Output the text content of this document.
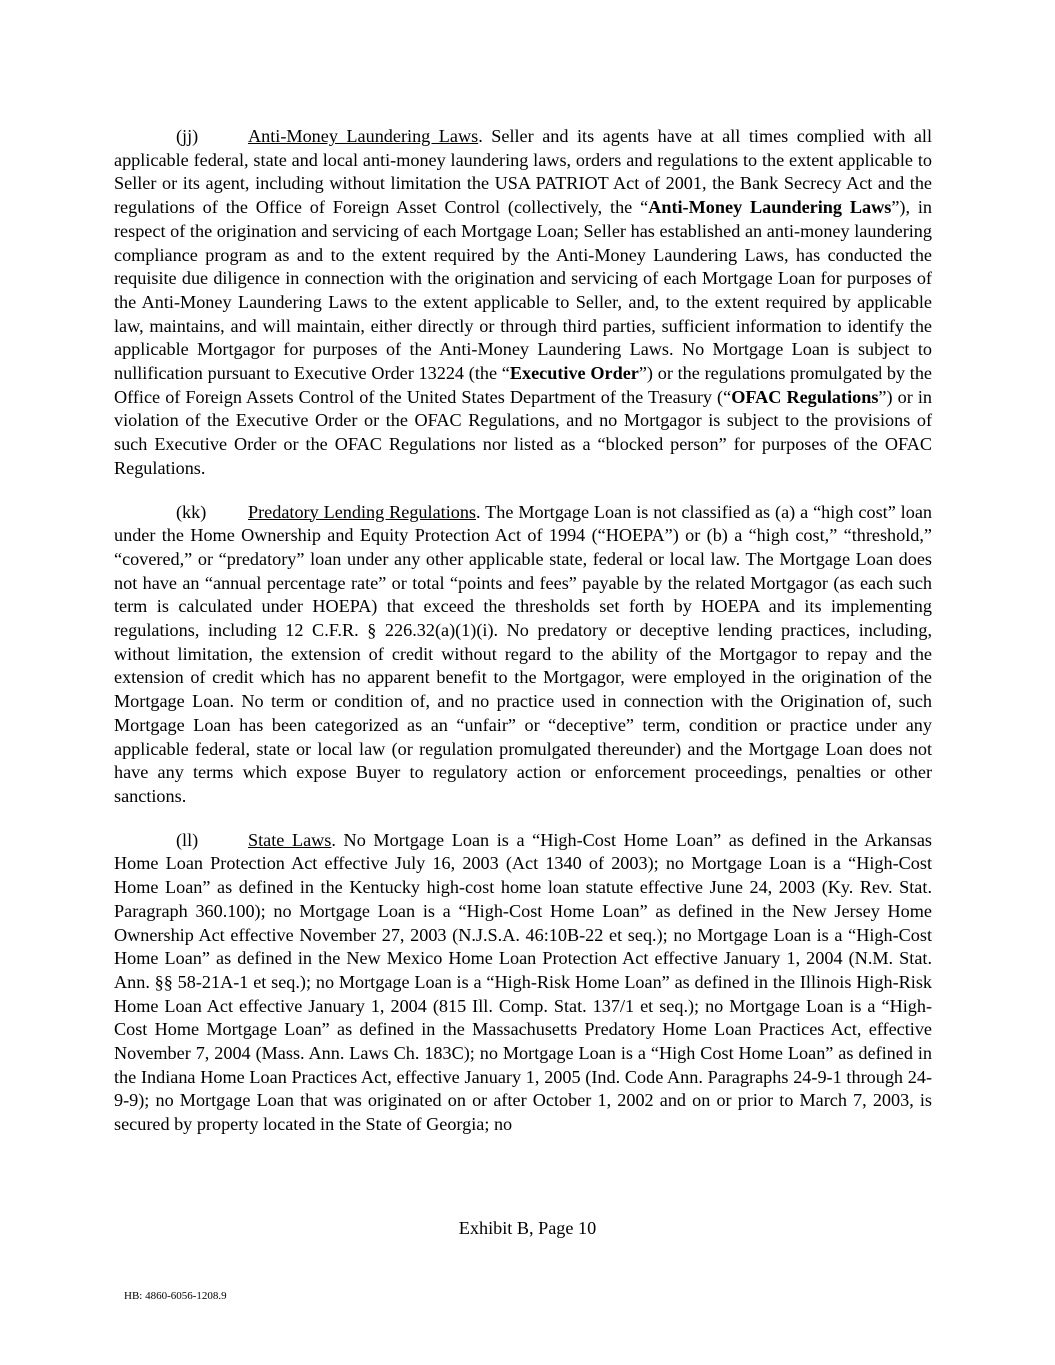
(jj)	Anti-Money Laundering Laws. Seller and its agents have at all times complied with all applicable federal, state and local anti-money laundering laws, orders and regulations to the extent applicable to Seller or its agent, including without limitation the USA PATRIOT Act of 2001, the Bank Secrecy Act and the regulations of the Office of Foreign Asset Control (collectively, the “Anti-Money Laundering Laws”), in respect of the origination and servicing of each Mortgage Loan; Seller has established an anti-money laundering compliance program as and to the extent required by the Anti-Money Laundering Laws, has conducted the requisite due diligence in connection with the origination and servicing of each Mortgage Loan for purposes of the Anti-Money Laundering Laws to the extent applicable to Seller, and, to the extent required by applicable law, maintains, and will maintain, either directly or through third parties, sufficient information to identify the applicable Mortgagor for purposes of the Anti-Money Laundering Laws. No Mortgage Loan is subject to nullification pursuant to Executive Order 13224 (the “Executive Order”) or the regulations promulgated by the Office of Foreign Assets Control of the United States Department of the Treasury (“OFAC Regulations”) or in violation of the Executive Order or the OFAC Regulations, and no Mortgagor is subject to the provisions of such Executive Order or the OFAC Regulations nor listed as a “blocked person” for purposes of the OFAC Regulations.

(kk) Predatory Lending Regulations. The Mortgage Loan is not classified as (a) a “high cost” loan under the Home Ownership and Equity Protection Act of 1994 (“HOEPA”) or (b) a “high cost,” “threshold,” “covered,” or “predatory” loan under any other applicable state, federal or local law. The Mortgage Loan does not have an “annual percentage rate” or total “points and fees” payable by the related Mortgagor (as each such term is calculated under HOEPA) that exceed the thresholds set forth by HOEPA and its implementing regulations, including 12 C.F.R. § 226.32(a)(1)(i). No predatory or deceptive lending practices, including, without limitation, the extension of credit without regard to the ability of the Mortgagor to repay and the extension of credit which has no apparent benefit to the Mortgagor, were employed in the origination of the Mortgage Loan. No term or condition of, and no practice used in connection with the Origination of, such Mortgage Loan has been categorized as an “unfair” or “deceptive” term, condition or practice under any applicable federal, state or local law (or regulation promulgated thereunder) and the Mortgage Loan does not have any terms which expose Buyer to regulatory action or enforcement proceedings, penalties or other sanctions.

(ll)	State Laws. No Mortgage Loan is a “High-Cost Home Loan” as defined in the Arkansas Home Loan Protection Act effective July 16, 2003 (Act 1340 of 2003); no Mortgage Loan is a “High-Cost Home Loan” as defined in the Kentucky high-cost home loan statute effective June 24, 2003 (Ky. Rev. Stat. Paragraph 360.100); no Mortgage Loan is a “High-Cost Home Loan” as defined in the New Jersey Home Ownership Act effective November 27, 2003 (N.J.S.A. 46:10B-22 et seq.); no Mortgage Loan is a “High-Cost Home Loan” as defined in the New Mexico Home Loan Protection Act effective January 1, 2004 (N.M. Stat. Ann. §§ 58-21A-1 et seq.); no Mortgage Loan is a “High-Risk Home Loan” as defined in the Illinois High-Risk Home Loan Act effective January 1, 2004 (815 Ill. Comp. Stat. 137/1 et seq.); no Mortgage Loan is a “High-Cost Home Mortgage Loan” as defined in the Massachusetts Predatory Home Loan Practices Act, effective November 7, 2004 (Mass. Ann. Laws Ch. 183C); no Mortgage Loan is a “High Cost Home Loan” as defined in the Indiana Home Loan Practices Act, effective January 1, 2005 (Ind. Code Ann. Paragraphs 24-9-1 through 24-9-9); no Mortgage Loan that was originated on or after October 1, 2002 and on or prior to March 7, 2003, is secured by property located in the State of Georgia; no

Exhibit B, Page 10
HB: 4860-6056-1208.9
